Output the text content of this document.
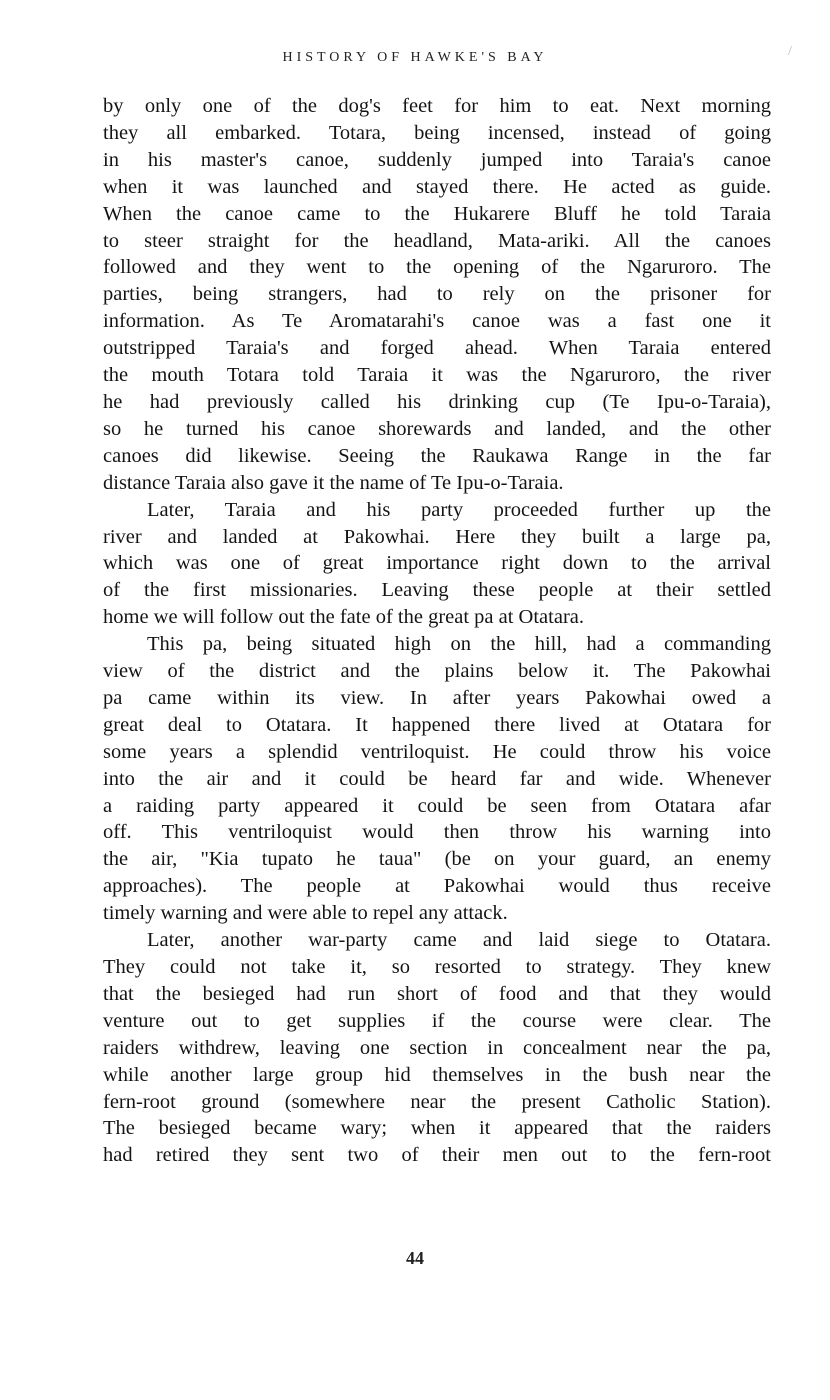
HISTORY OF HAWKE'S BAY	/
by only one of the dog's feet for him to eat. Next morning
they all embarked. Totara, being incensed, instead of going
in his master's canoe, suddenly jumped into Taraia's canoe
when it was launched and stayed there. He acted as guide.
When the canoe came to the Hukarere Bluff he told Taraia
to steer straight for the headland, Mata-ariki. All the canoes
followed and they went to the opening of the Ngaruroro. The
parties, being strangers, had to rely on the prisoner for
information. As Te Aromatarahi's canoe was a fast one it
outstripped Taraia's and forged ahead. When Taraia entered
the mouth Totara told Taraia it was the Ngaruroro, the river
he had previously called his drinking cup (Te Ipu-o-Taraia),
so he turned his canoe shorewards and landed, and the other
canoes did likewise. Seeing the Raukawa Range in the far
distance Taraia also gave it the name of Te Ipu-o-Taraia.
Later, Taraia and his party proceeded further up the
river and landed at Pakowhai. Here they built a large pa,
which was one of great importance right down to the arrival
of the first missionaries. Leaving these people at their settled
home we will follow out the fate of the great pa at Otatara.
This pa, being situated high on the hill, had a commanding
view of the district and the plains below it. The Pakowhai
pa came within its view. In after years Pakowhai owed a
great deal to Otatara. It happened there lived at Otatara for
some years a splendid ventriloquist. He could throw his voice
into the air and it could be heard far and wide. Whenever
a raiding party appeared it could be seen from Otatara afar
off. This ventriloquist would then throw his warning into
the air, "Kia tupato he taua" (be on your guard, an enemy
approaches). The people at Pakowhai would thus receive
timely warning and were able to repel any attack.
Later, another war-party came and laid siege to Otatara.
They could not take it, so resorted to strategy. They knew
that the besieged had run short of food and that they would
venture out to get supplies if the course were clear. The
raiders withdrew, leaving one section in concealment near the pa,
while another large group hid themselves in the bush near the
fern-root ground (somewhere near the present Catholic Station).
The besieged became wary; when it appeared that the raiders
had retired they sent two of their men out to the fern-root
44
